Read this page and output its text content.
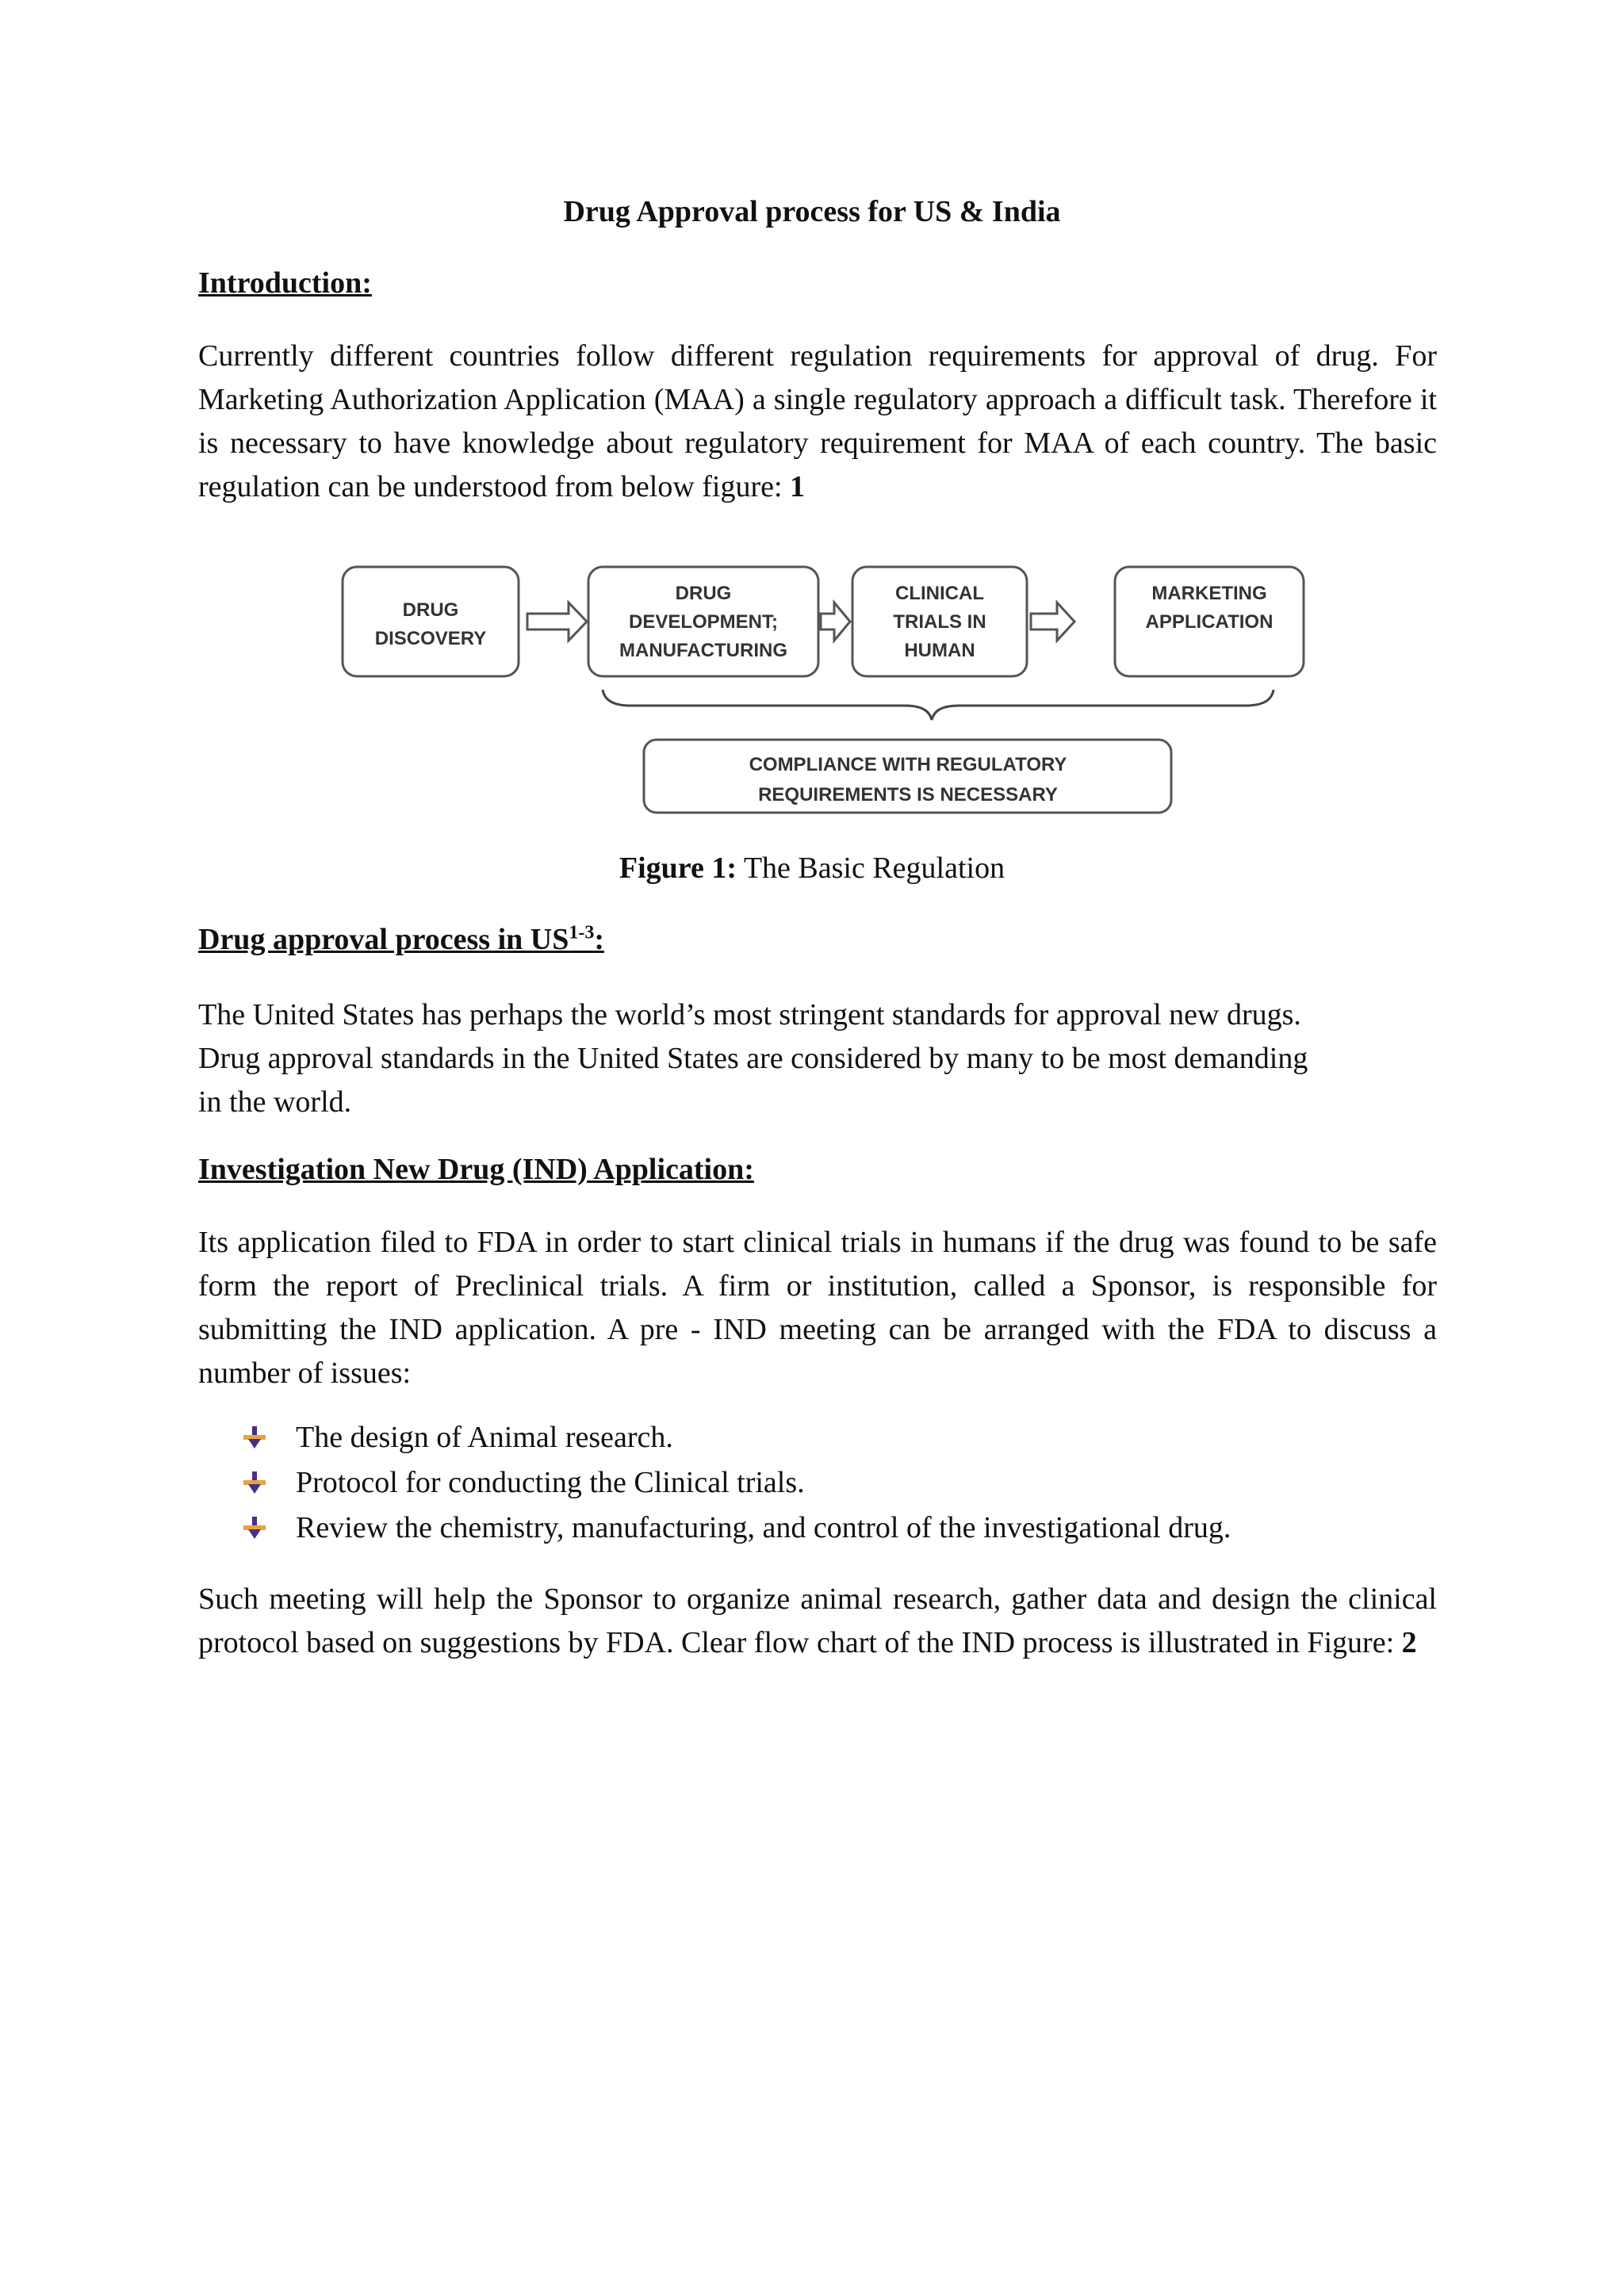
Drug Approval process for US & India
Introduction:
Currently different countries follow different regulation requirements for approval of drug. For Marketing Authorization Application (MAA) a single regulatory approach a difficult task. Therefore it is necessary to have knowledge about regulatory requirement for MAA of each country. The basic regulation can be understood from below figure: 1
DRUG
DISCOVERY
DRUG
DEVELOPMENT;
MANUFACTURING
CLINICAL
TRIALS IN
HUMAN
MARKETING
APPLICATION
COMPLIANCE WITH REGULATORY
REQUIREMENTS IS NECESSARY
Figure 1: The Basic Regulation
Drug approval process in US$^{1-3}$:
The United States has perhaps the world’s most stringent standards for approval new drugs.
Drug approval standards in the United States are considered by many to be most demanding
in the world.
Investigation New Drug (IND) Application:
Its application filed to FDA in order to start clinical trials in humans if the drug was found to be safe form the report of Preclinical trials. A firm or institution, called a Sponsor, is responsible for submitting the IND application. A pre - IND meeting can be arranged with the FDA to discuss a number of issues:
The design of Animal research.
Protocol for conducting the Clinical trials.
Review the chemistry, manufacturing, and control of the investigational drug.
Such meeting will help the Sponsor to organize animal research, gather data and design the clinical protocol based on suggestions by FDA. Clear flow chart of the IND process is illustrated in Figure: 2
